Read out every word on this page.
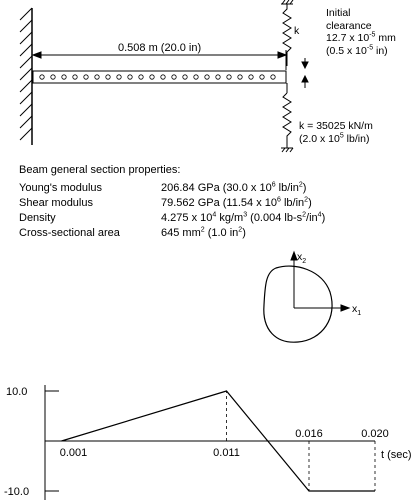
0.508 m (20.0 in)
k
Initial
clearance
12.7 x $10^{-5}$ mm
(0.5 x $10^{-5}$ in)
k = 35025 kN/m
(2.0 x $10^5$ lb/in)
Beam general section properties:
Young's modulus	206.84 GPa (30.0 x $10^6$ $lb/in^2$)
Shear modulus	79.562 GPa (11.54 x $10^6$ $lb/in^2$)
Density	4.275 x $10^4$ $kg/m^3$ (0.004 $lb-s^2/in^4$)
Cross-sectional area	645 $mm^2$ (1.0 $in^2$)
$x_2$
$x_1$
10.0
-10.0
0.001	0.011
0.016	0.020
t (sec)
